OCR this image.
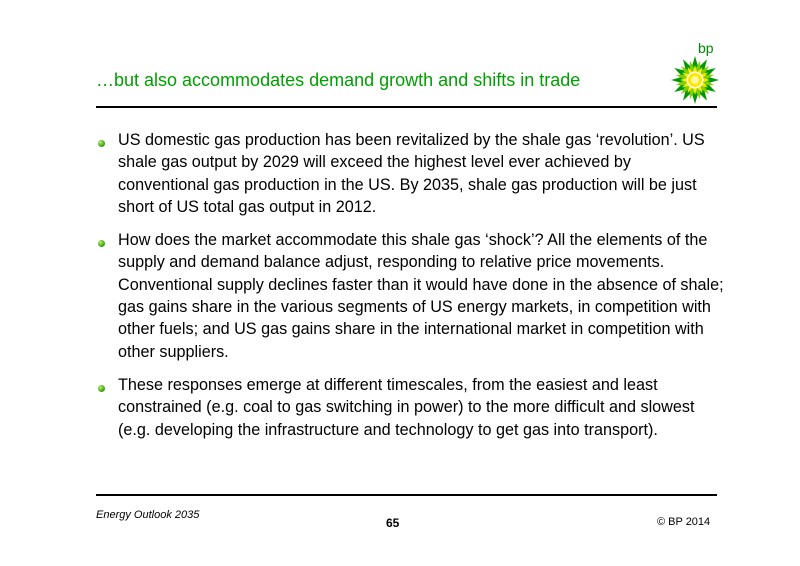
bp
…but also accommodates demand growth and shifts in trade
US domestic gas production has been revitalized by the shale gas ‘revolution’. US shale gas output by 2029 will exceed the highest level ever achieved by conventional gas production in the US. By 2035, shale gas production will be just short of US total gas output in 2012.
How does the market accommodate this shale gas ‘shock’? All the elements of the supply and demand balance adjust, responding to relative price movements. Conventional supply declines faster than it would have done in the absence of shale; gas gains share in the various segments of US energy markets, in competition with other fuels; and US gas gains share in the international market in competition with other suppliers.
These responses emerge at different timescales, from the easiest and least constrained (e.g. coal to gas switching in power) to the more difficult and slowest (e.g. developing the infrastructure and technology to get gas into transport).
Energy Outlook 2035
65	© BP 2014
